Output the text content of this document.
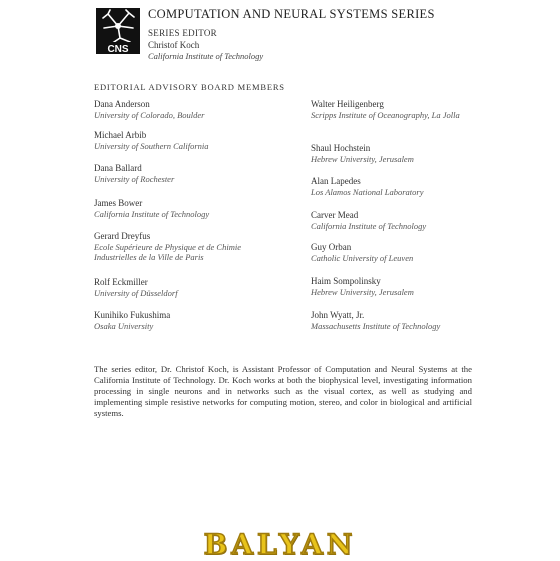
CNS
COMPUTATION AND NEURAL SYSTEMS SERIES
SERIES EDITOR
Christof Koch
California Institute of Technology
EDITORIAL ADVISORY BOARD MEMBERS
Dana Anderson
University of Colorado, Boulder
Michael Arbib
University of Southern California
Dana Ballard
University of Rochester
James Bower
California Institute of Technology
Gerard Dreyfus
Ecole Supérieure de Physique et de Chimie Industrielles de la Ville de Paris
Rolf Eckmiller
University of Düsseldorf
Kunihiko Fukushima
Osaka University
Walter Heiligenberg
Scripps Institute of Oceanography, La Jolla
Shaul Hochstein
Hebrew University, Jerusalem
Alan Lapedes
Los Alamos National Laboratory
Carver Mead
California Institute of Technology
Guy Orban
Catholic University of Leuven
Haim Sompolinsky
Hebrew University, Jerusalem
John Wyatt, Jr.
Massachusetts Institute of Technology
The series editor, Dr. Christof Koch, is Assistant Professor of Computation and Neural Systems at the California Institute of Technology. Dr. Koch works at both the biophysical level, investigating information processing in single neurons and in networks such as the visual cortex, as well as studying and implementing simple resistive networks for computing motion, stereo, and color in biological and artificial systems.
BALYAN
